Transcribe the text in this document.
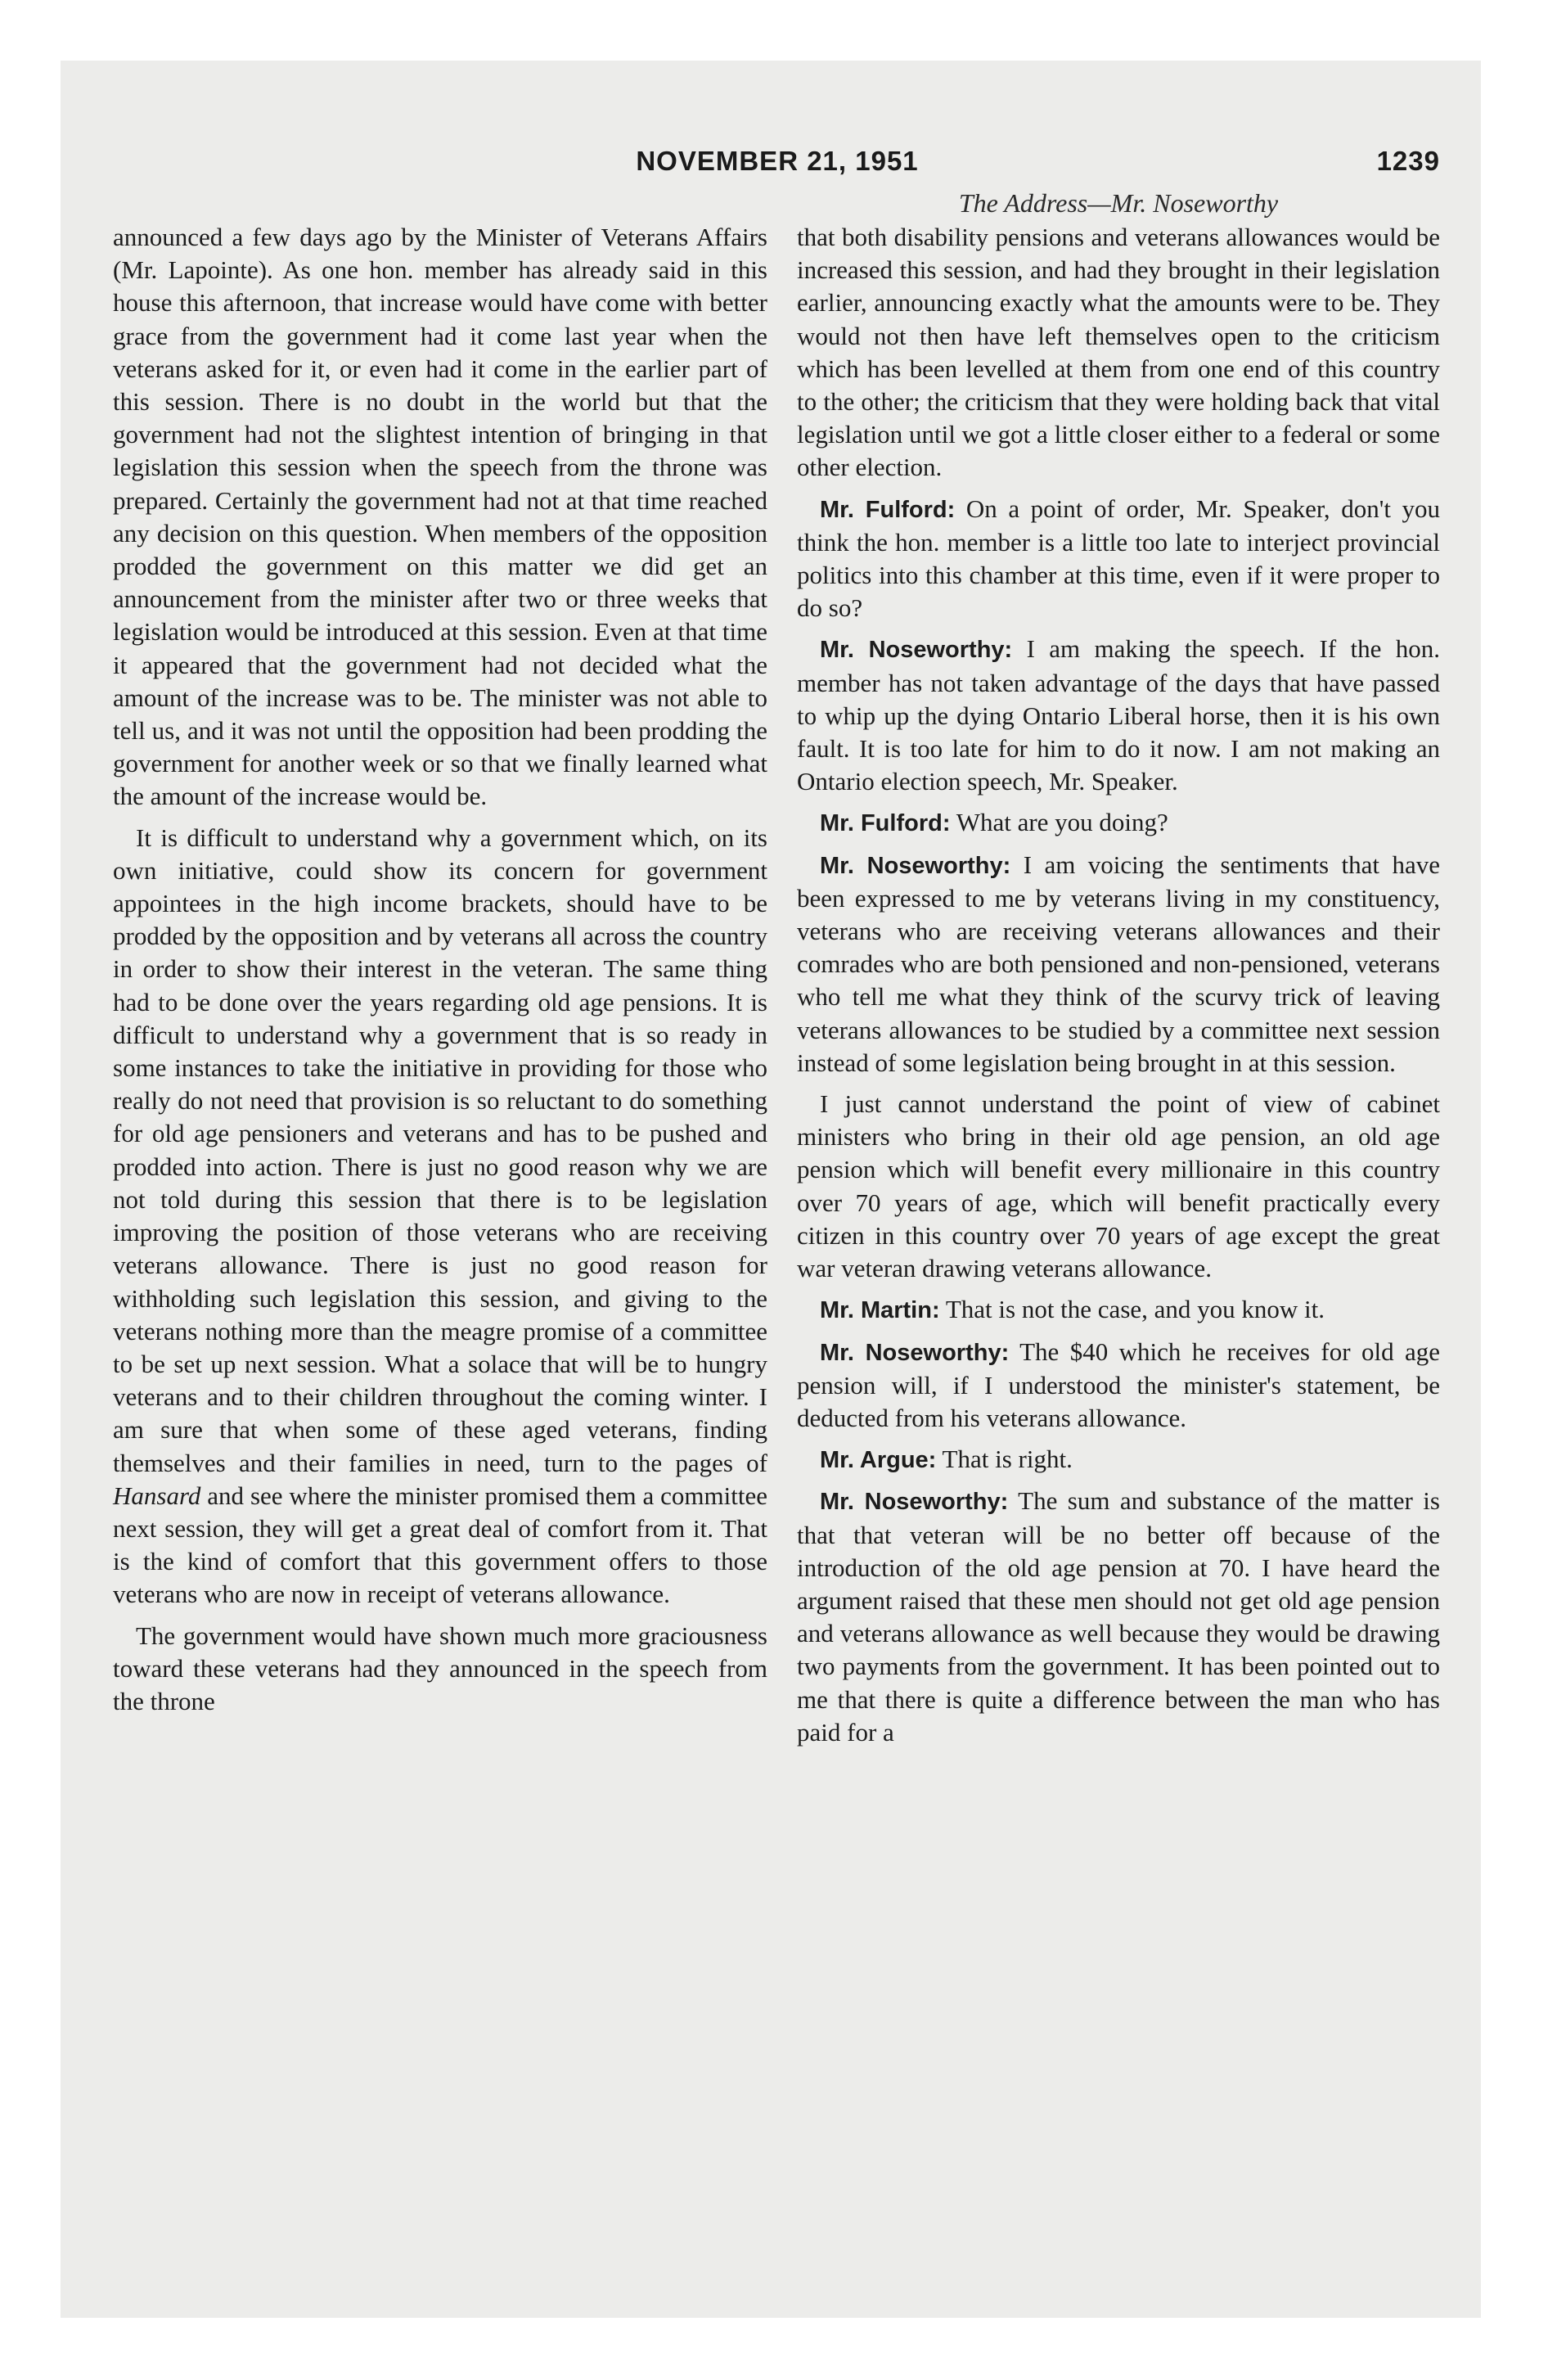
NOVEMBER 21, 1951	1239
The Address—Mr. Noseworthy

announced a few days ago by the Minister of Veterans Affairs (Mr. Lapointe). As one hon. member has already said in this house this afternoon, that increase would have come with better grace from the government had it come last year when the veterans asked for it, or even had it come in the earlier part of this session. There is no doubt in the world but that the government had not the slightest intention of bringing in that legislation this session when the speech from the throne was prepared. Certainly the government had not at that time reached any decision on this question. When members of the opposition prodded the government on this matter we did get an announcement from the minister after two or three weeks that legislation would be introduced at this session. Even at that time it appeared that the government had not decided what the amount of the increase was to be. The minister was not able to tell us, and it was not until the opposition had been prodding the government for another week or so that we finally learned what the amount of the increase would be.

It is difficult to understand why a government which, on its own initiative, could show its concern for government appointees in the high income brackets, should have to be prodded by the opposition and by veterans all across the country in order to show their interest in the veteran. The same thing had to be done over the years regarding old age pensions. It is difficult to understand why a government that is so ready in some instances to take the initiative in providing for those who really do not need that provision is so reluctant to do something for old age pensioners and veterans and has to be pushed and prodded into action. There is just no good reason why we are not told during this session that there is to be legislation improving the position of those veterans who are receiving veterans allowance. There is just no good reason for withholding such legislation this session, and giving to the veterans nothing more than the meagre promise of a committee to be set up next session. What a solace that will be to hungry veterans and to their children throughout the coming winter. I am sure that when some of these aged veterans, finding themselves and their families in need, turn to the pages of Hansard and see where the minister promised them a committee next session, they will get a great deal of comfort from it. That is the kind of comfort that this government offers to those veterans who are now in receipt of veterans allowance.

The government would have shown much more graciousness toward these veterans had they announced in the speech from the throne

that both disability pensions and veterans allowances would be increased this session, and had they brought in their legislation earlier, announcing exactly what the amounts were to be. They would not then have left themselves open to the criticism which has been levelled at them from one end of this country to the other; the criticism that they were holding back that vital legislation until we got a little closer either to a federal or some other election.

Mr. Fulford: On a point of order, Mr. Speaker, don't you think the hon. member is a little too late to interject provincial politics into this chamber at this time, even if it were proper to do so?

Mr. Noseworthy: I am making the speech. If the hon. member has not taken advantage of the days that have passed to whip up the dying Ontario Liberal horse, then it is his own fault. It is too late for him to do it now. I am not making an Ontario election speech, Mr. Speaker.

Mr. Fulford: What are you doing?

Mr. Noseworthy: I am voicing the sentiments that have been expressed to me by veterans living in my constituency, veterans who are receiving veterans allowances and their comrades who are both pensioned and non-pensioned, veterans who tell me what they think of the scurvy trick of leaving veterans allowances to be studied by a committee next session instead of some legislation being brought in at this session.

I just cannot understand the point of view of cabinet ministers who bring in their old age pension, an old age pension which will benefit every millionaire in this country over 70 years of age, which will benefit practically every citizen in this country over 70 years of age except the great war veteran drawing veterans allowance.

Mr. Martin: That is not the case, and you know it.

Mr. Noseworthy: The $40 which he receives for old age pension will, if I understood the minister's statement, be deducted from his veterans allowance.

Mr. Argue: That is right.

Mr. Noseworthy: The sum and substance of the matter is that that veteran will be no better off because of the introduction of the old age pension at 70. I have heard the argument raised that these men should not get old age pension and veterans allowance as well because they would be drawing two payments from the government. It has been pointed out to me that there is quite a difference between the man who has paid for a
